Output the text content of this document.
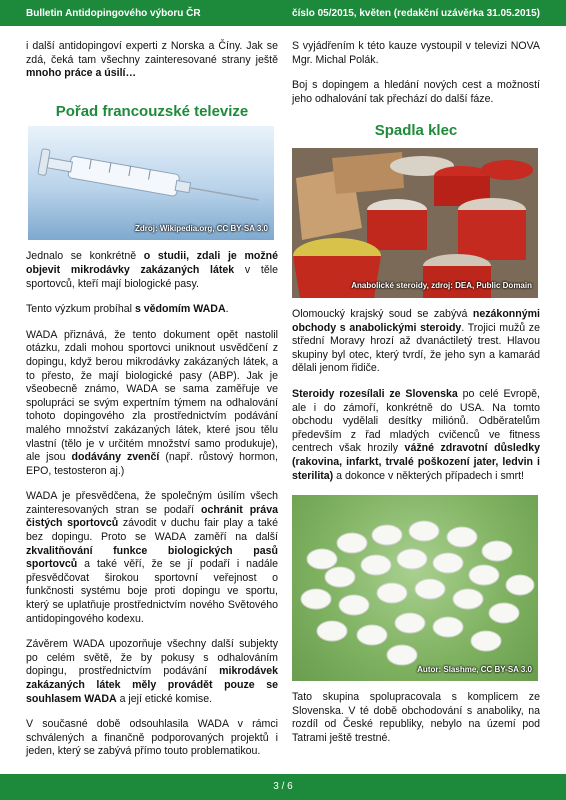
Bulletin Antidopingového výboru ČR	číslo 05/2015, květen (redakční uzávěrka 31.05.2015)

i další antidopingoví experti z Norska a Číny. Jak se zdá, čeká tam všechny zainteresované strany ještě mnoho práce a úsilí…

Pořad francouzské televize
Zdroj: Wikipedia.org, CC BY-SA 3.0

Jednalo se konkrétně o studii, zdali je možné objevit mikrodávky zakázaných látek v těle sportovců, kteří mají biologické pasy.

Tento výzkum probíhal s vědomím WADA.

WADA přiznává, že tento dokument opět nastolil otázku, zdali mohou sportovci uniknout usvědčení z dopingu, když berou mikrodávky zakázaných látek, a to přesto, že mají biologické pasy (ABP). Jak je všeobecně známo, WADA se sama zaměřuje ve spolupráci se svým expertním týmem na odhalování tohoto dopingového zla prostřednictvím podávání malého množství zakázaných látek, které jsou tělu vlastní (tělo je v určitém množství samo produkuje), ale jsou dodávány zvenčí (např. růstový hormon, EPO, testosteron aj.)

WADA je přesvědčena, že společným úsilím všech zainteresovaných stran se podaří ochránit práva čistých sportovců závodit v duchu fair play a také bez dopingu. Proto se WADA zaměří na další zkvalitňování funkce biologických pasů sportovců a také věří, že se jí podaří i nadále přesvědčovat širokou sportovní veřejnost o funkčnosti systému boje proti dopingu ve sportu, který se uplatňuje prostřednictvím nového Světového antidopingového kodexu.

Závěrem WADA upozorňuje všechny další subjekty po celém světě, že by pokusy s odhalováním dopingu, prostřednictvím podávání mikrodávek zakázaných látek měly provádět pouze se souhlasem WADA a její etické komise.

V současné době odsouhlasila WADA v rámci schválených a finančně podporovaných projektů i jeden, který se zabývá přímo touto problematikou.

S vyjádřením k této kauze vystoupil v televizi NOVA Mgr. Michal Polák.

Boj s dopingem a hledání nových cest a možností jeho odhalování tak přechází do další fáze.

Spadla klec
Anabolické steroidy, zdroj: DEA, Public Domain

Olomoucký krajský soud se zabývá nezákonnými obchody s anabolickými steroidy. Trojici mužů ze střední Moravy hrozí až dvanáctiletý trest. Hlavou skupiny byl otec, který tvrdí, že jeho syn a kamarád dělali jenom řidiče.

Steroidy rozesílali ze Slovenska po celé Evropě, ale i do zámoří, konkrétně do USA. Na tomto obchodu vydělali desítky miliónů. Odběratelům především z řad mladých cvičenců ve fitness centrech však hrozily vážné zdravotní důsledky (rakovina, infarkt, trvalé poškození jater, ledvin i sterilita) a dokonce v některých případech i smrt!

Autor: Slashme, CC BY-SA 3.0

Tato skupina spolupracovala s komplicem ze Slovenska. V té době obchodování s anaboliky, na rozdíl od České republiky, nebylo na území pod Tatrami ještě trestné.

3 / 6
